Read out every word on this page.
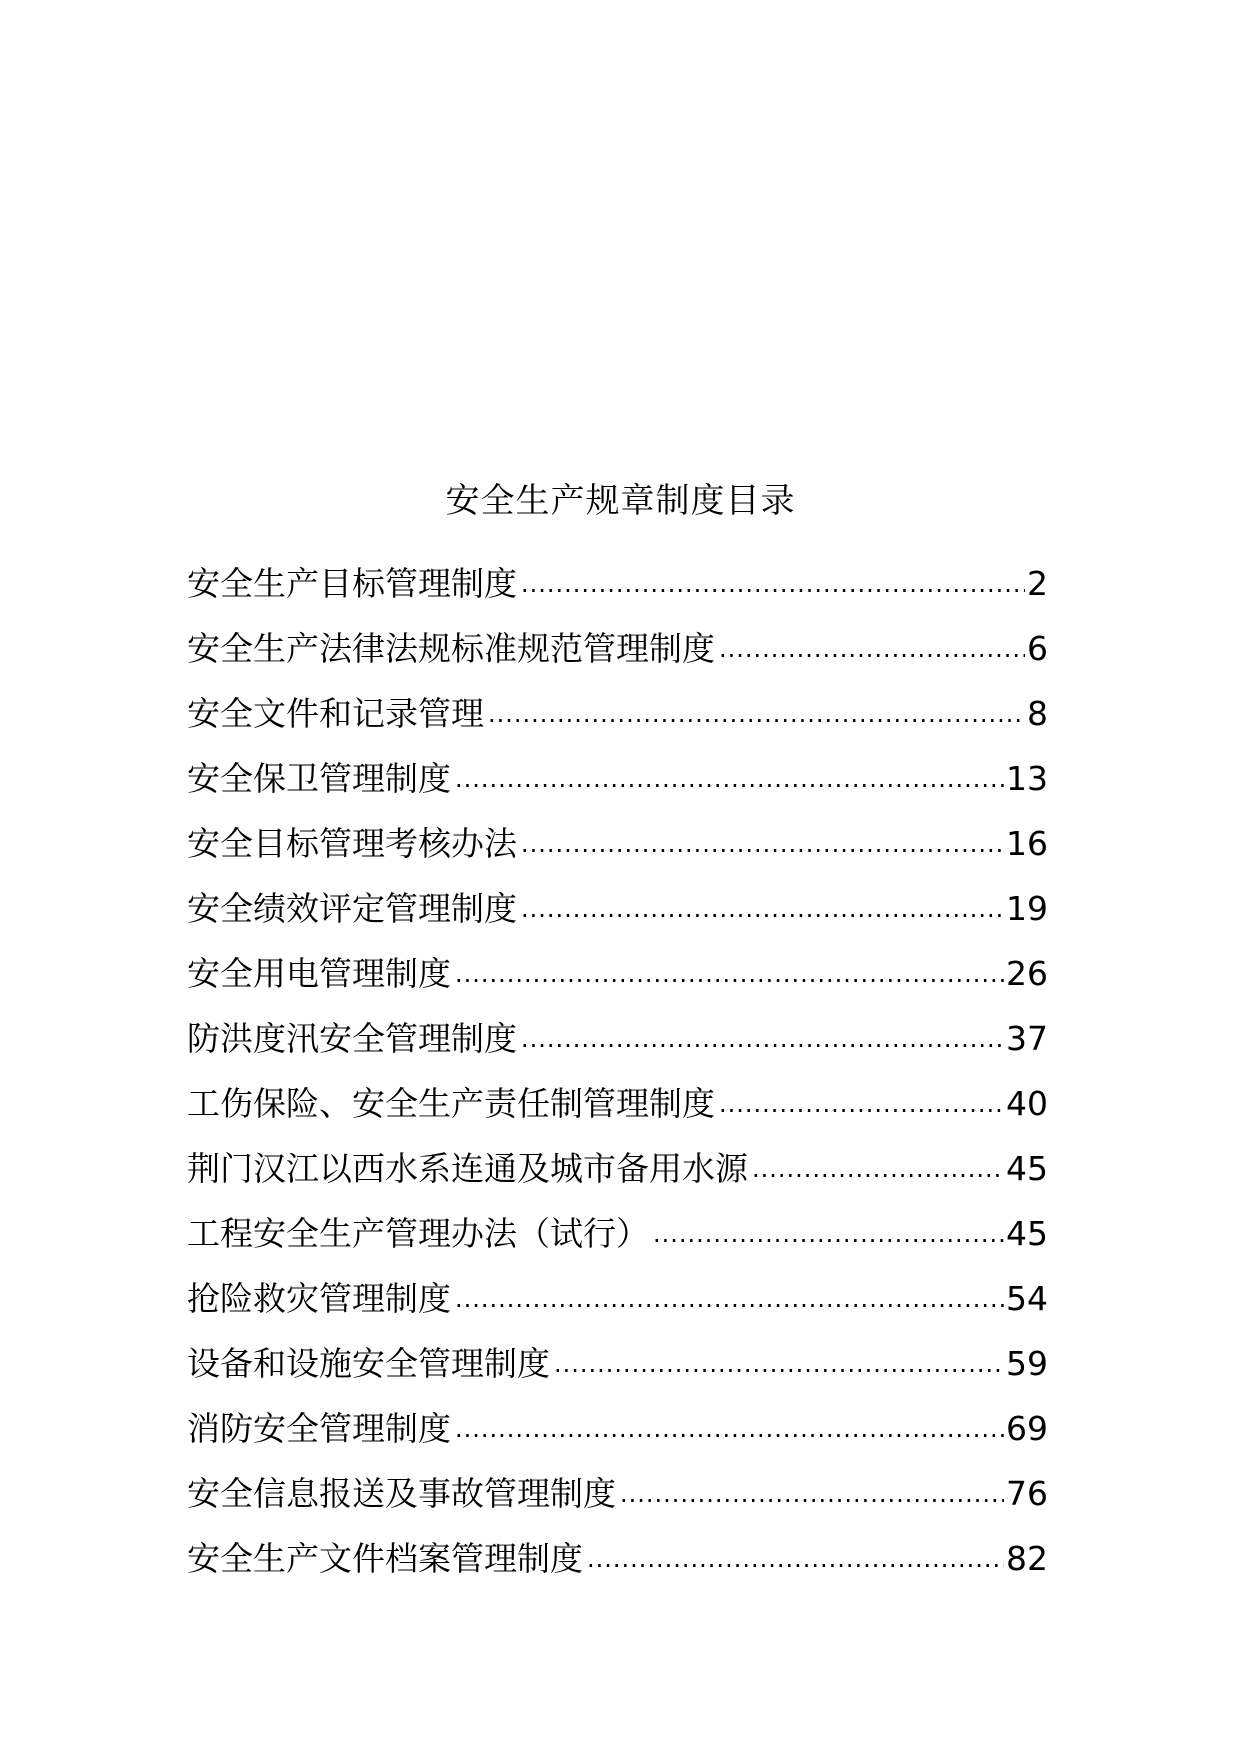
安全生产规章制度目录
安全生产目标管理制度 .....	2
安全生产法律法规标准规范管理制度 .....	6
安全文件和记录管理 .....	8
安全保卫管理制度 .....	13
安全目标管理考核办法 .....	16
安全绩效评定管理制度 .....	19
安全用电管理制度 .....	26
防洪度汛安全管理制度 .....	37
工伤保险、安全生产责任制管理制度 .....	40
荆门汉江以西水系连通及城市备用水源 .....	45
工程安全生产管理办法（试行） .....	45
抢险救灾管理制度 .....	54
设备和设施安全管理制度 .....	59
消防安全管理制度 .....	69
安全信息报送及事故管理制度 .....	76
安全生产文件档案管理制度 .....	82
